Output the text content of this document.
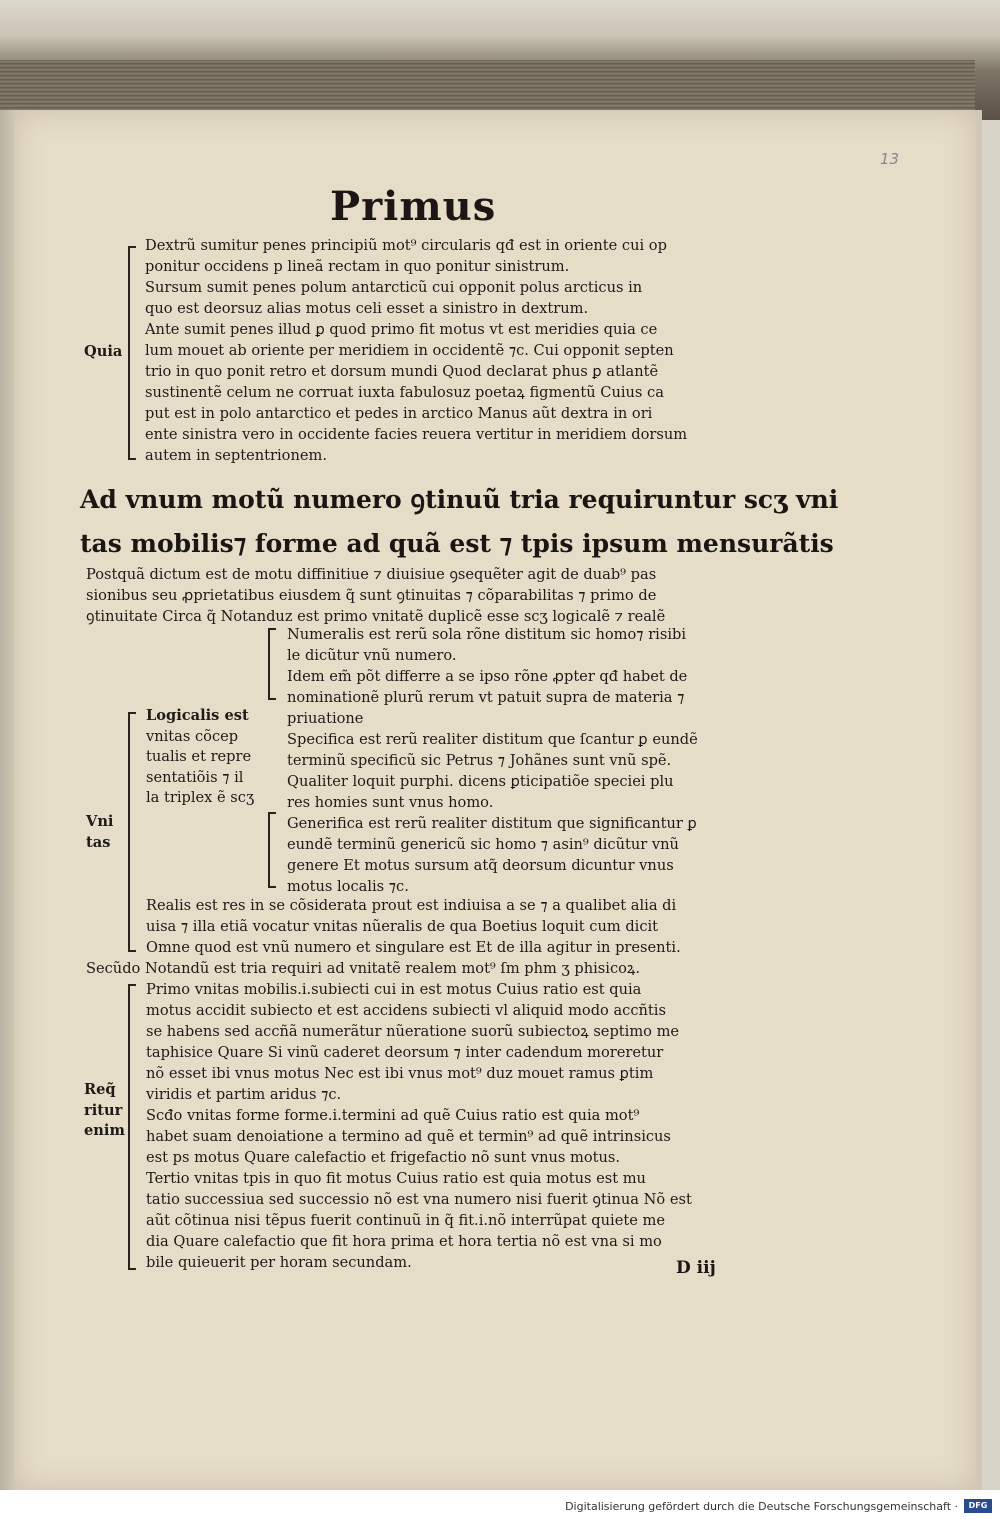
13
Primus
Quia
Dextrũ sumitur penes principiũ mot⁹ circularis qđ est in oriente cui op
ponitur occidens p lineã rectam in quo ponitur sinistrum.
Sursum sumit penes polum antarcticũ cui opponit polus arcticus in
quo est deorsuz alias motus celi esset a sinistro in dextrum.
Ante sumit penes illud ꝑ quod primo fit motus vt est meridies quia ce
lum mouet ab oriente per meridiem in occidentẽ ⁊c. Cui opponit septen
trio in quo ponit retro et dorsum mundi Quod declarat phus ꝑ atlantẽ
sustinentẽ celum ne corruat iuxta fabulosuz poetaꝝ figmentũ Cuius ca
put est in polo antarctico et pedes in arctico Manus aũt dextra in ori
ente sinistra vero in occidente facies reuera vertitur in meridiem dorsum
autem in septentrionem.
Ad vnum motũ numero ꝯtinuũ tria requiruntur scʒ vni
tas mobilis⁊ forme ad quã est ⁊ tpis ipsum mensurãtis
Postquã dictum est de motu diffinitiue ⁊ diuisiue ꝯsequẽter agit de duab⁹ pas
sionibus seu ꝓprietatibus eiusdem q̃ sunt ꝯtinuitas ⁊ cõparabilitas ⁊ primo de
ꝯtinuitate Circa q̃ Notanduz est primo vnitatẽ duplicẽ esse scʒ logicalẽ ⁊ realẽ
Vni
tas
Logicalis est
vnitas cõcep
tualis et repre
sentatiõis ⁊ il
la triplex ẽ scʒ
Numeralis est rerũ sola rõne distitum sic homo⁊ risibi
le dicũtur vnũ numero.
Idem em̃ põt differre a se ipso rõne ꝓpter qđ habet de
nominationẽ plurũ rerum vt patuit supra de materia ⁊
priuatione
Specifica est rerũ realiter distitum que ſcantur ꝑ eundẽ
terminũ specificũ sic Petrus ⁊ Johãnes sunt vnũ spẽ.
Qualiter loquit purphi. dicens ꝑticipatiõe speciei plu
res homies sunt vnus homo.
Generifica est rerũ realiter distitum que significantur ꝑ
eundẽ terminũ genericũ sic homo ⁊ asin⁹ dicũtur vnũ
genere Et motus sursum atq̃ deorsum dicuntur vnus
motus localis ⁊c.
Realis est res in se cõsiderata prout est indiuisa a se ⁊ a qualibet alia di
uisa ⁊ illa etiã vocatur vnitas nũeralis de qua Boetius loquit cum dicit
Omne quod est vnũ numero et singulare est Et de illa agitur in presenti.
Secũdo Notandũ est tria requiri ad vnitatẽ realem mot⁹ ſm phm ʒ phisicoꝝ.
Req̃
ritur
enim
Primo vnitas mobilis.i.subiecti cui in est motus Cuius ratio est quia
motus accidit subiecto et est accidens subiecti vl aliquid modo accñtis
se habens sed accñã numerãtur nũeratione suorũ subiectoꝝ septimo me
taphisice Quare Si vinũ caderet deorsum ⁊ inter cadendum moreretur
nõ esset ibi vnus motus Nec est ibi vnus mot⁹ duz mouet ramus ꝑtim
viridis et partim aridus ⁊c.
Scđo vnitas forme forme.i.termini ad quẽ Cuius ratio est quia mot⁹
habet suam denoiatione a termino ad quẽ et termin⁹ ad quẽ intrinsicus
est ps motus Quare calefactio et frigefactio nõ sunt vnus motus.
Tertio vnitas tpis in quo fit motus Cuius ratio est quia motus est mu
tatio successiua sed successio nõ est vna numero nisi fuerit ꝯtinua Nõ est
aũt cõtinua nisi tẽpus fuerit continuũ in q̃ fit.i.nõ interrũpat quiete me
dia Quare calefactio que fit hora prima et hora tertia nõ est vna si mo
bile quieuerit per horam secundam.	D iij
Digitalisierung gefördert durch die Deutsche Forschungsgemeinschaft ·	DFG
